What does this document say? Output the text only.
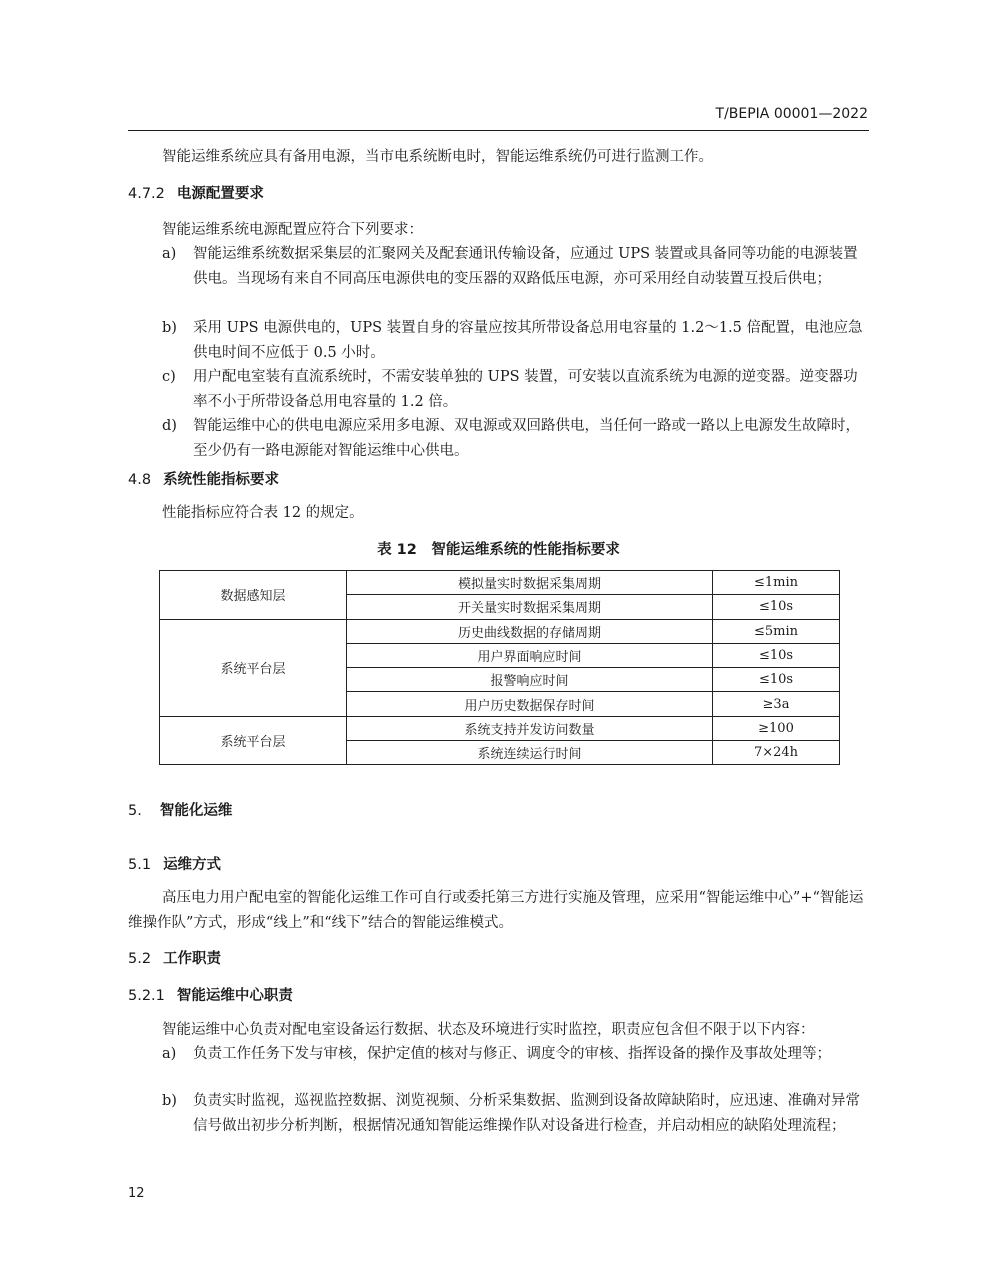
T/BEPIA 00001—2022
智能运维系统应具有备用电源，当市电系统断电时，智能运维系统仍可进行监测工作。
4.7.2 电源配置要求
智能运维系统电源配置应符合下列要求：
a)	智能运维系统数据采集层的汇聚网关及配套通讯传输设备，应通过 UPS 装置或具备同等功能的电源装置供电。当现场有来自不同高压电源供电的变压器的双路低压电源，亦可采用经自动装置互投后供电；
b)	采用 UPS 电源供电的，UPS 装置自身的容量应按其所带设备总用电容量的 1.2～1.5 倍配置，电池应急供电时间不应低于 0.5 小时。
c)	用户配电室装有直流系统时，不需安装单独的 UPS 装置，可安装以直流系统为电源的逆变器。逆变器功率不小于所带设备总用电容量的 1.2 倍。
d)	智能运维中心的供电电源应采用多电源、双电源或双回路供电，当任何一路或一路以上电源发生故障时，至少仍有一路电源能对智能运维中心供电。
4.8 系统性能指标要求
性能指标应符合表 12 的规定。
表 12　智能运维系统的性能指标要求
数据感知层	模拟量实时数据采集周期	≤1min
	开关量实时数据采集周期	≤10s
系统平台层	历史曲线数据的存储周期	≤5min
	用户界面响应时间	≤10s
	报警响应时间	≤10s
	用户历史数据保存时间	≥3a
系统平台层	系统支持并发访问数量	≥100
	系统连续运行时间	7×24h
5. 智能化运维
5.1 运维方式
高压电力用户配电室的智能化运维工作可自行或委托第三方进行实施及管理，应采用“智能运维中心”+“智能运维操作队”方式，形成“线上”和“线下”结合的智能运维模式。
5.2 工作职责
5.2.1 智能运维中心职责
智能运维中心负责对配电室设备运行数据、状态及环境进行实时监控，职责应包含但不限于以下内容：
a)	负责工作任务下发与审核，保护定值的核对与修正、调度令的审核、指挥设备的操作及事故处理等；
b)	负责实时监视，巡视监控数据、浏览视频、分析采集数据、监测到设备故障缺陷时，应迅速、准确对异常信号做出初步分析判断，根据情况通知智能运维操作队对设备进行检查，并启动相应的缺陷处理流程；
12
